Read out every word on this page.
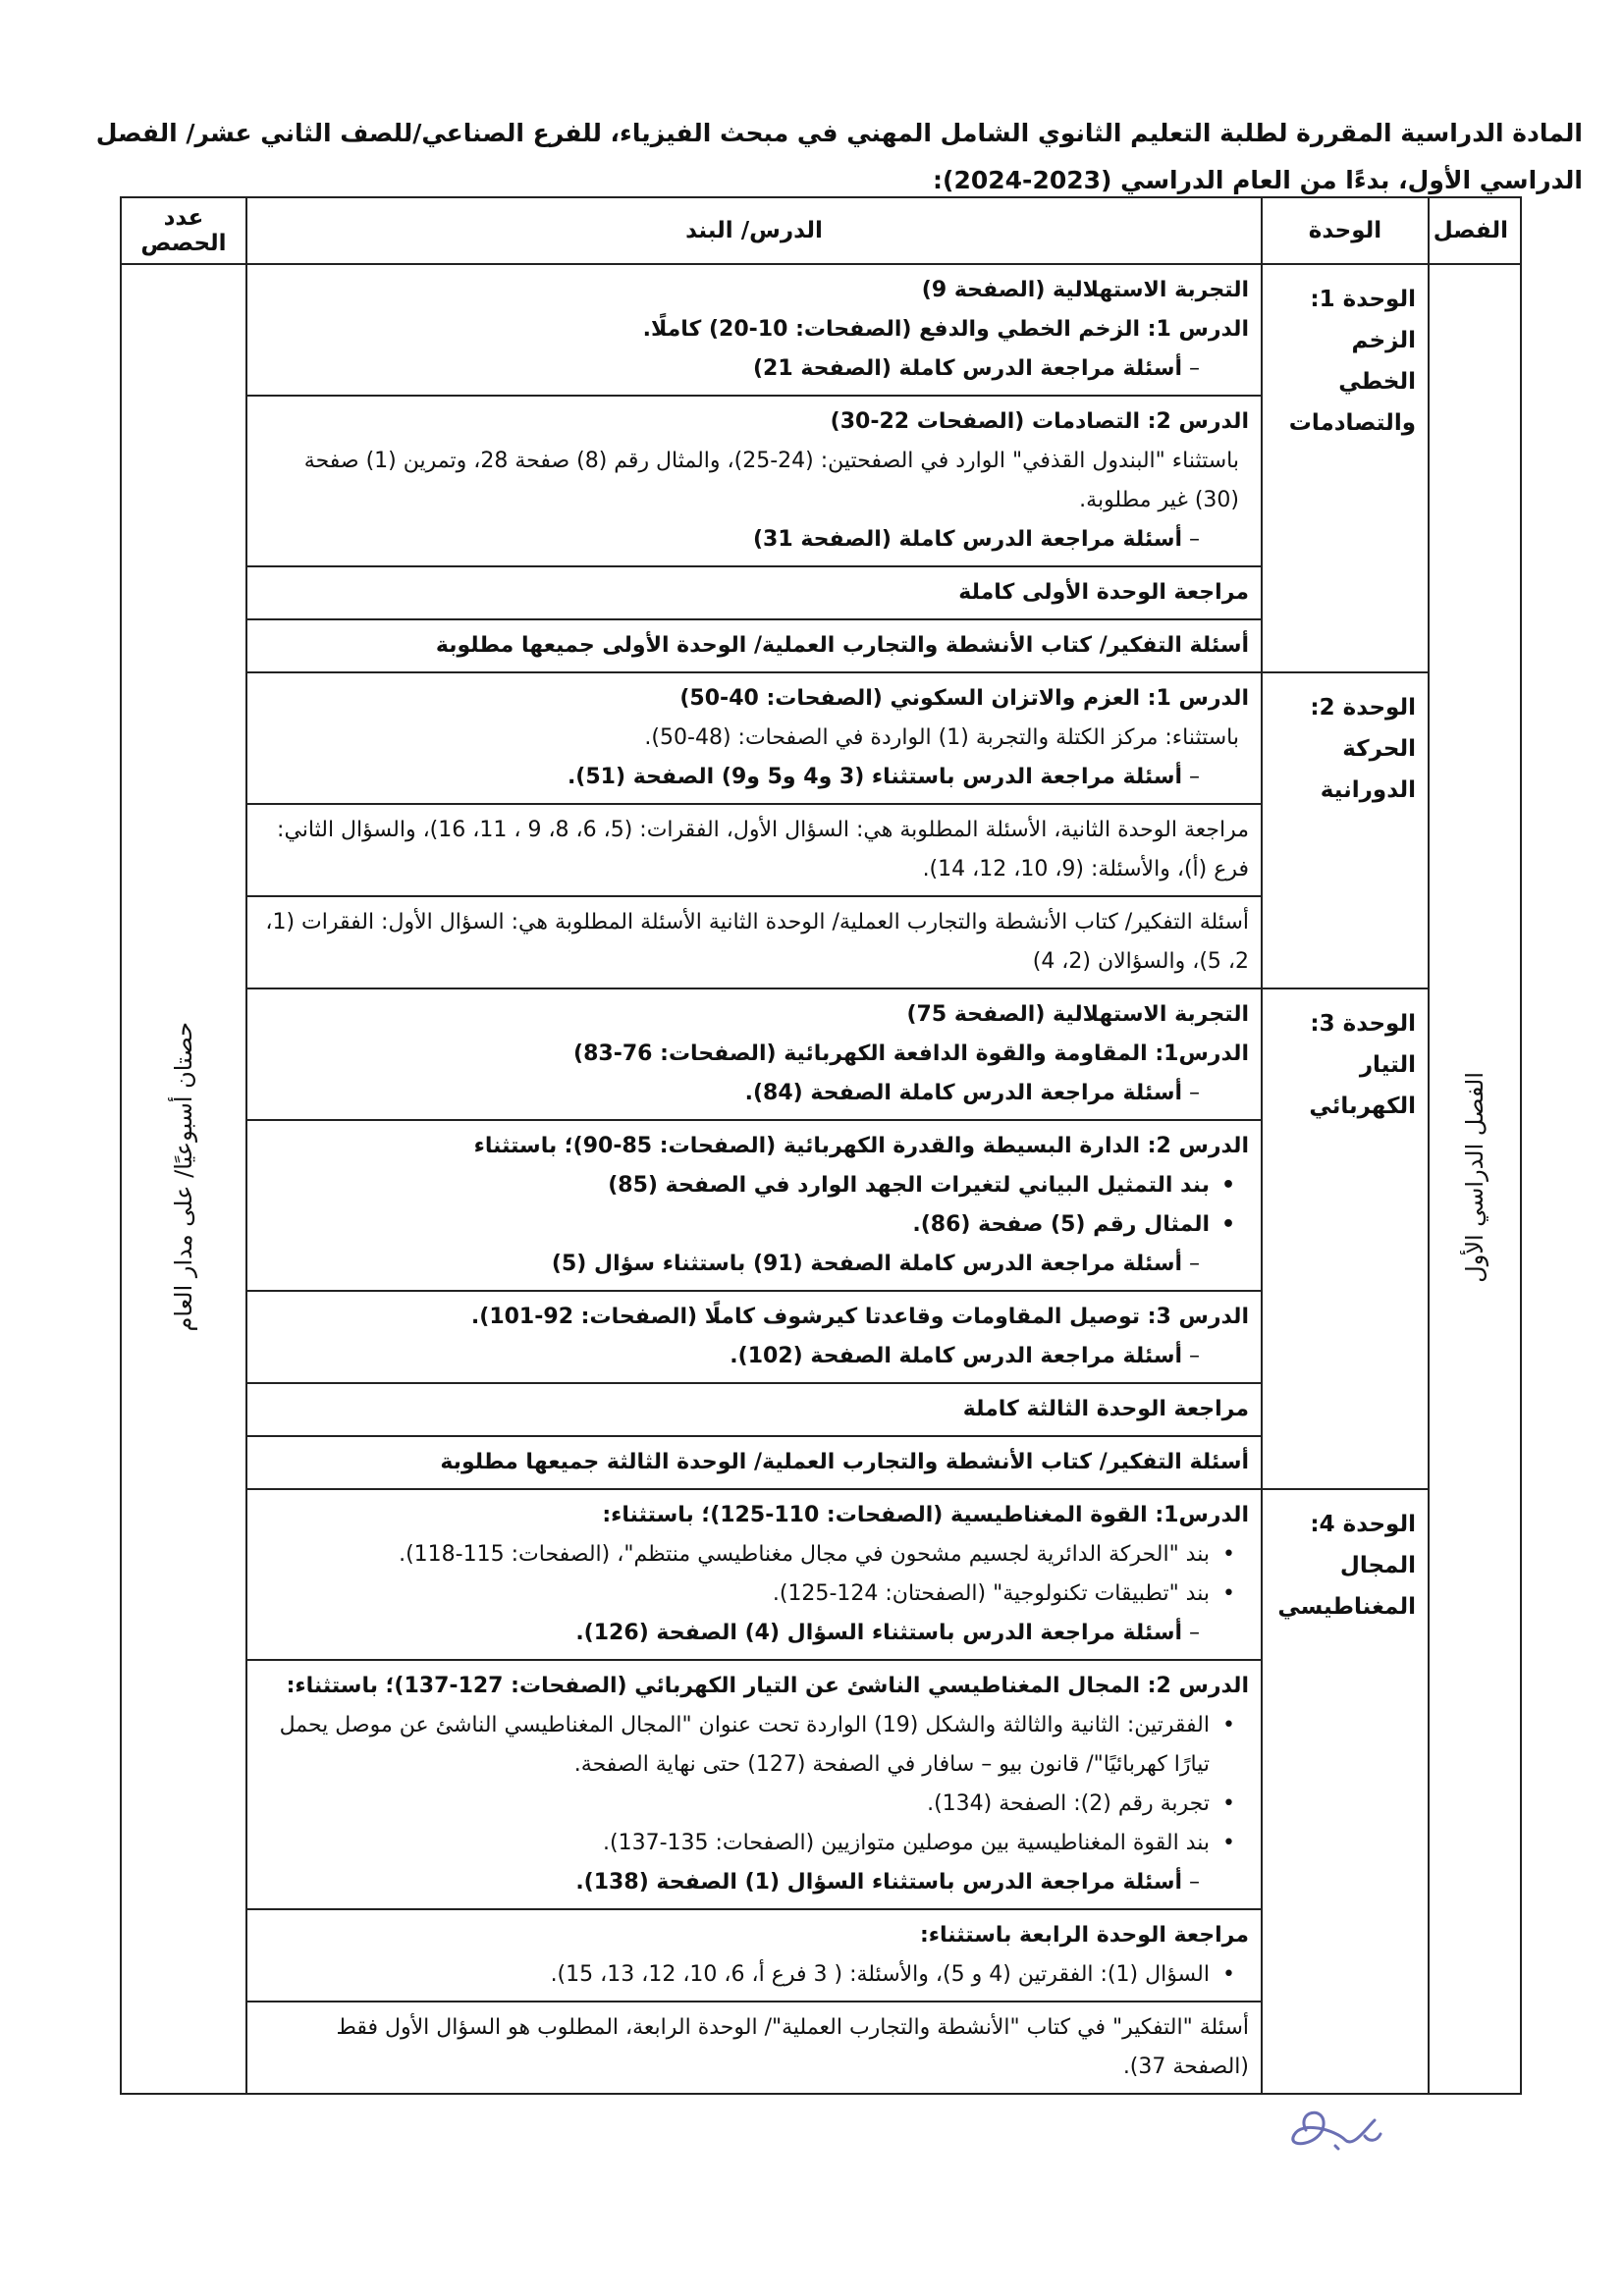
المادة الدراسية المقررة لطلبة التعليم الثانوي الشامل المهني في مبحث الفيزياء، للفرع الصناعي/للصف الثاني عشر/ الفصل الدراسي الأول، بدءًا من العام الدراسي (2023-2024):
الفصل	الوحدة	الدرس/ البند	عدد الحصص
الفصل الدراسي الأول	الوحدة 1: الزخم الخطي والتصادمات	التجربة الاستهلالية (الصفحة 9)
الدرس 1: الزخم الخطي والدفع (الصفحات: 10-20) كاملًا.
– أسئلة مراجعة الدرس كاملة (الصفحة 21)	حصتان أسبوعيًا/ على مدار العام

		الدرس 2: التصادمات (الصفحات 22-30)
باستثناء "البندول القذفي" الوارد في الصفحتين: (24-25)، والمثال رقم (8) صفحة 28، وتمرين (1) صفحة (30) غير مطلوبة.
– أسئلة مراجعة الدرس كاملة (الصفحة 31)

		مراجعة الوحدة الأولى كاملة	

		أسئلة التفكير/ كتاب الأنشطة والتجارب العملية/ الوحدة الأولى جميعها مطلوبة	

	الوحدة 2: الحركة الدورانية	الدرس 1: العزم والاتزان السكوني (الصفحات: 40-50)
باستثناء: مركز الكتلة والتجربة (1) الواردة في الصفحات: (48-50).
– أسئلة مراجعة الدرس باستثناء (3 و4 و5 و9) الصفحة (51).

		مراجعة الوحدة الثانية، الأسئلة المطلوبة هي: السؤال الأول، الفقرات: (5، 6، 8، 9 ، 11، 16)، والسؤال الثاني: فرع (أ)، والأسئلة: (9، 10، 12، 14).	

		أسئلة التفكير/ كتاب الأنشطة والتجارب العملية/ الوحدة الثانية الأسئلة المطلوبة هي: السؤال الأول: الفقرات (1، 2، 5)، والسؤالان (2، 4)	

	الوحدة 3: التيار الكهربائي	التجربة الاستهلالية (الصفحة 75)
الدرس1: المقاومة والقوة الدافعة الكهربائية (الصفحات: 76-83)
– أسئلة مراجعة الدرس كاملة الصفحة (84).

		الدرس 2: الدارة البسيطة والقدرة الكهربائية (الصفحات: 85-90)؛ باستثناء
• بند التمثيل البياني لتغيرات الجهد الوارد في الصفحة (85)
• المثال رقم (5) صفحة (86).
– أسئلة مراجعة الدرس كاملة الصفحة (91) باستثناء سؤال (5)

		الدرس 3: توصيل المقاومات وقاعدتا كيرشوف كاملًا (الصفحات: 92-101).
– أسئلة مراجعة الدرس كاملة الصفحة (102).

		مراجعة الوحدة الثالثة كاملة	

		أسئلة التفكير/ كتاب الأنشطة والتجارب العملية/ الوحدة الثالثة جميعها مطلوبة	

	الوحدة 4: المجال المغناطيسي	الدرس1: القوة المغناطيسية (الصفحات: 110-125)؛ باستثناء:
• بند "الحركة الدائرية لجسيم مشحون في مجال مغناطيسي منتظم"، (الصفحات: 115-118).
• بند "تطبيقات تكنولوجية" (الصفحتان: 124-125).
– أسئلة مراجعة الدرس باستثناء السؤال (4) الصفحة (126).

		الدرس 2: المجال المغناطيسي الناشئ عن التيار الكهربائي (الصفحات: 127-137)؛ باستثناء:
• الفقرتين: الثانية والثالثة والشكل (19) الواردة تحت عنوان "المجال المغناطيسي الناشئ عن موصل يحمل تيارًا كهربائيًا"/ قانون بيو – سافار في الصفحة (127) حتى نهاية الصفحة.
• تجربة رقم (2): الصفحة (134).
• بند القوة المغناطيسية بين موصلين متوازيين (الصفحات: 135-137).
– أسئلة مراجعة الدرس باستثناء السؤال (1) الصفحة (138).

		مراجعة الوحدة الرابعة باستثناء:
• السؤال (1): الفقرتين (4 و 5)، والأسئلة: ( 3 فرع أ، 6، 10، 12، 13، 15).

		أسئلة "التفكير" في كتاب "الأنشطة والتجارب العملية"/ الوحدة الرابعة، المطلوب هو السؤال الأول فقط (الصفحة 37).	
